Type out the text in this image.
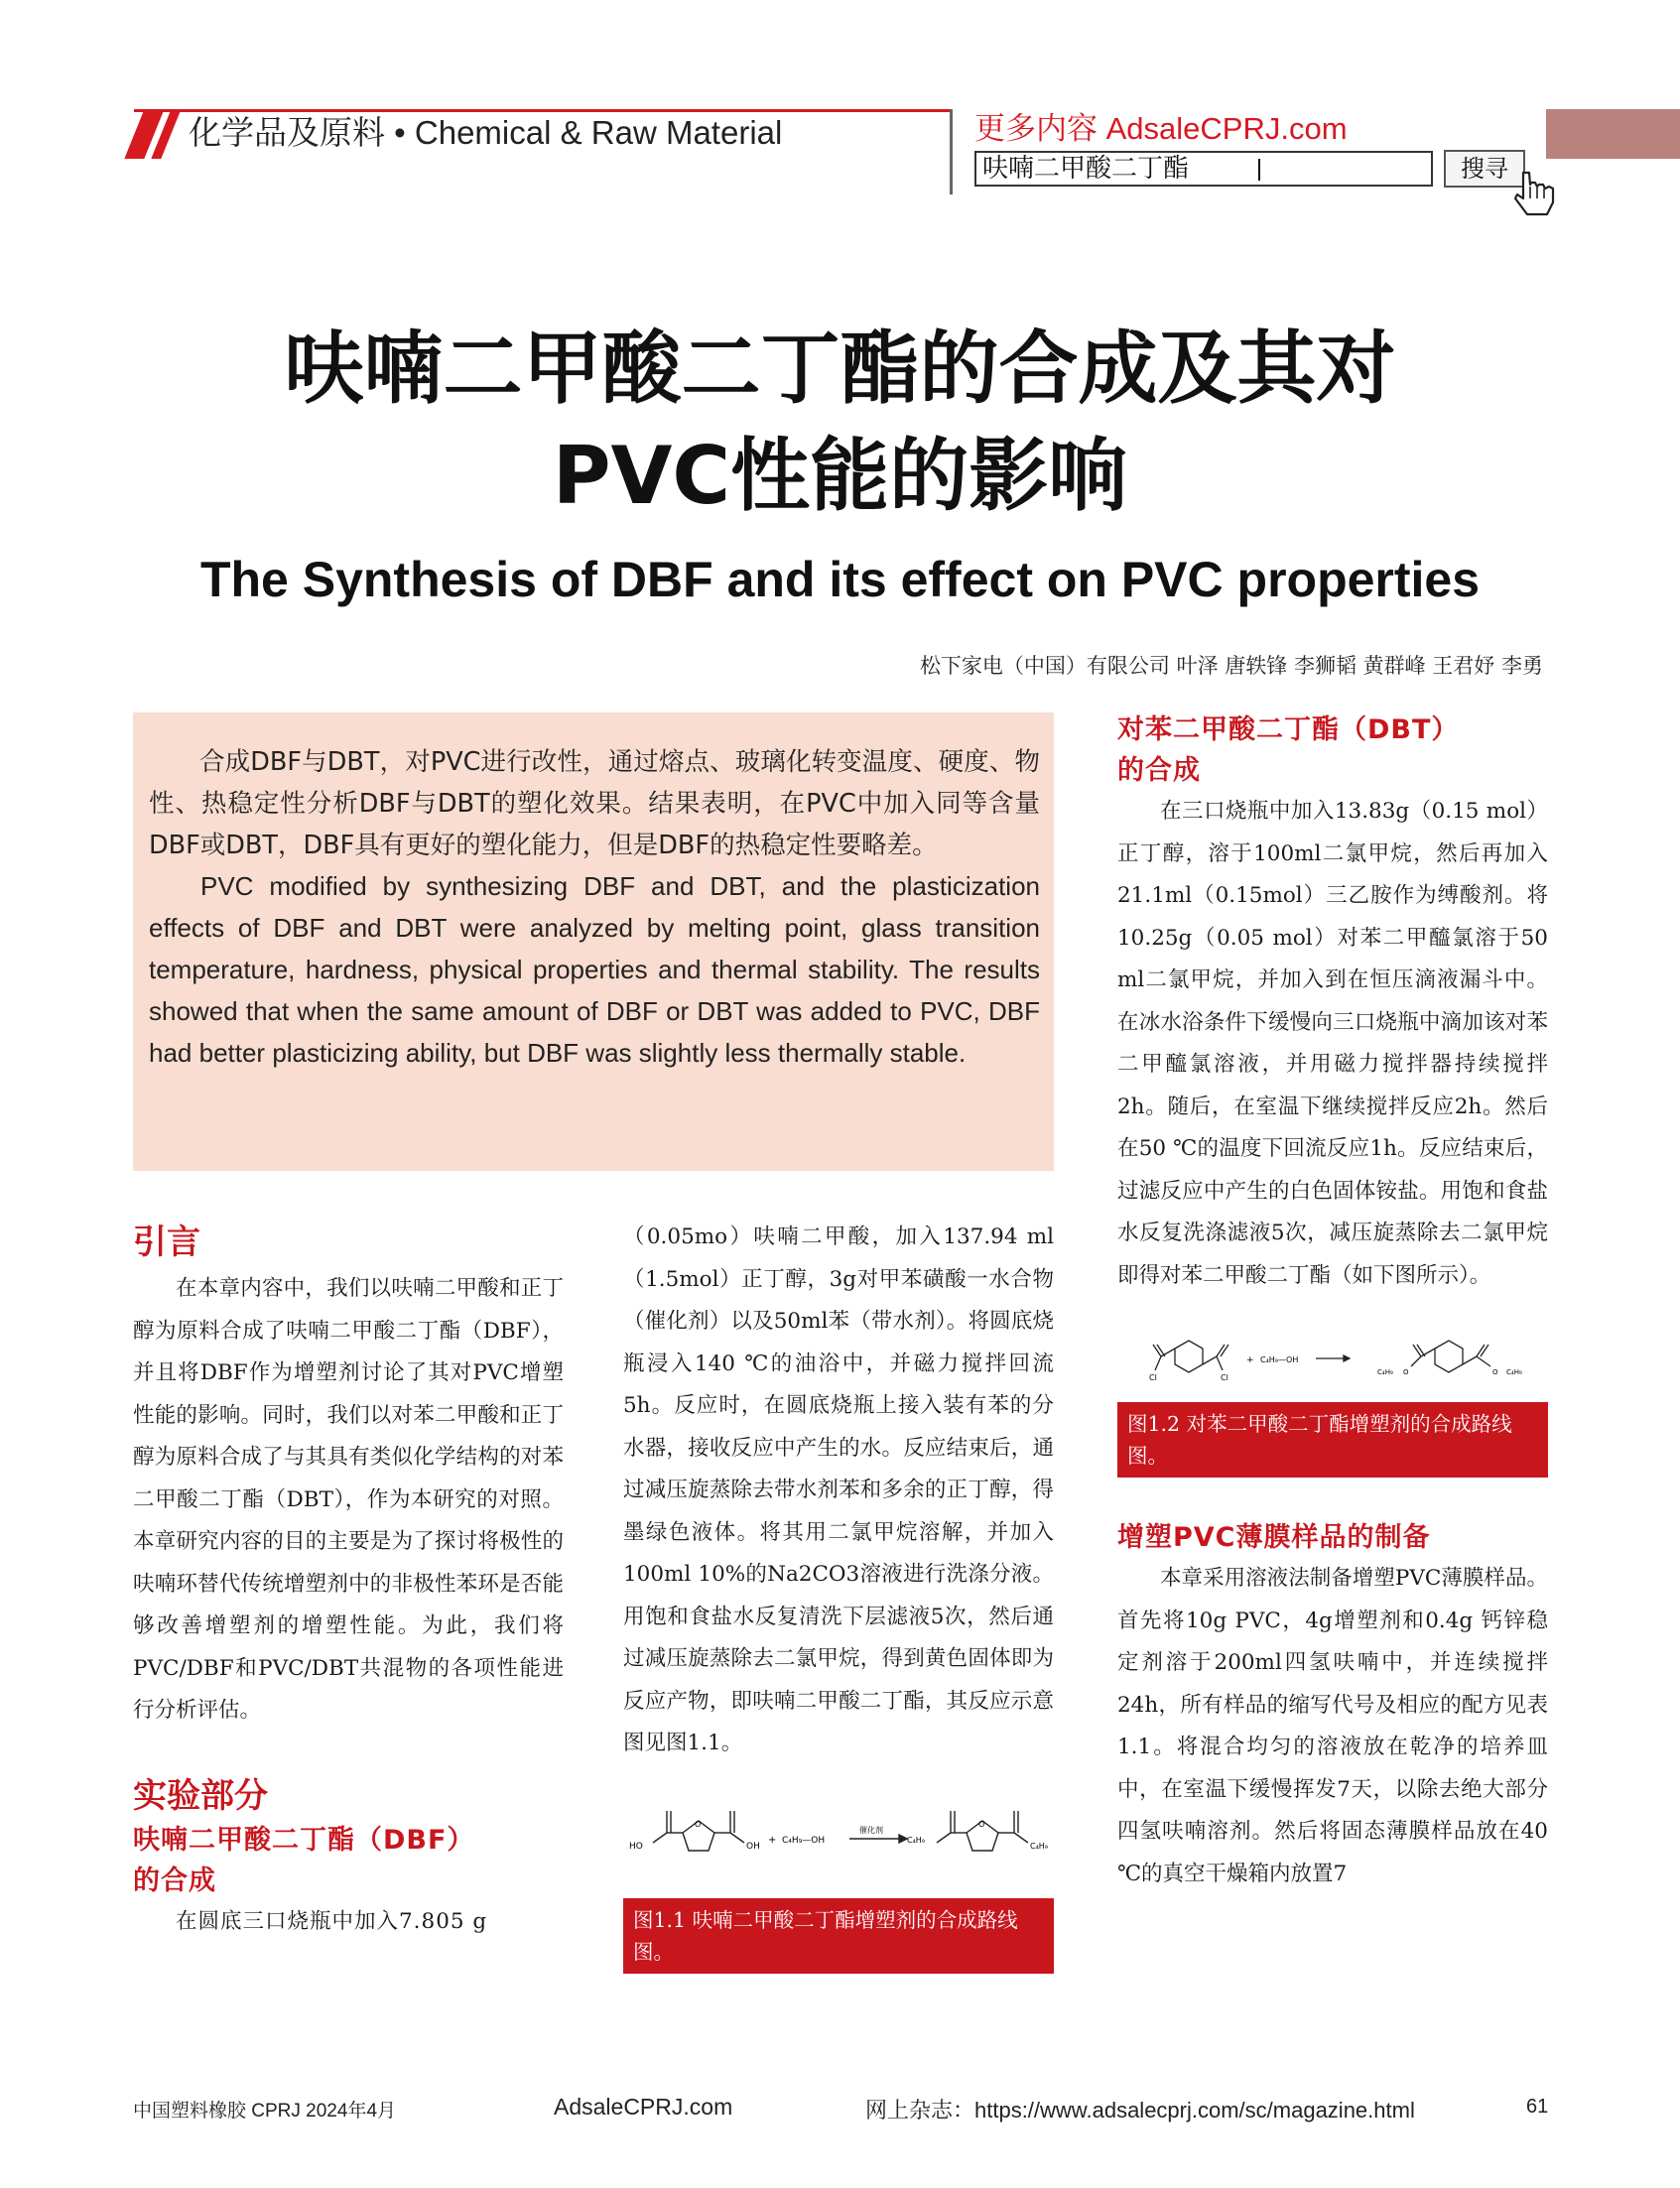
化学品及原料 • Chemical & Raw Material	更多内容 AdsaleCPRJ.com
呋喃二甲酸二丁酯	搜寻
呋喃二甲酸二丁酯的合成及其对
PVC性能的影响
The Synthesis of DBF and its effect on PVC properties
松下家电（中国）有限公司 叶泽 唐轶锋 李狮韬 黄群峰 王君妤 李勇

合成DBF与DBT，对PVC进行改性，通过熔点、玻璃化转变温度、硬度、物性、热稳定性分析DBF与DBT的塑化效果。结果表明，在PVC中加入同等含量DBF或DBT，DBF具有更好的塑化能力，但是DBF的热稳定性要略差。

PVC modified by synthesizing DBF and DBT, and the plasticization effects of DBF and DBT were analyzed by melting point, glass transition temperature, hardness, physical properties and thermal stability. The results showed that when the same amount of DBF or DBT was added to PVC, DBF had better plasticizing ability, but DBF was slightly less thermally stable.

引言

在本章内容中，我们以呋喃二甲酸和正丁醇为原料合成了呋喃二甲酸二丁酯（DBF），并且将DBF作为增塑剂讨论了其对PVC增塑性能的影响。同时，我们以对苯二甲酸和正丁醇为原料合成了与其具有类似化学结构的对苯二甲酸二丁酯（DBT），作为本研究的对照。本章研究内容的目的主要是为了探讨将极性的呋喃环替代传统增塑剂中的非极性苯环是否能够改善增塑剂的增塑性能。为此，我们将PVC/DBF和PVC/DBT共混物的各项性能进行分析评估。

实验部分
呋喃二甲酸二丁酯（DBF）
的合成

在圆底三口烧瓶中加入7.805 g

（0.05mo）呋喃二甲酸，加入137.94 ml（1.5mol）正丁醇，3g对甲苯磺酸一水合物（催化剂）以及50ml苯（带水剂）。将圆底烧瓶浸入140 ℃的油浴中，并磁力搅拌回流5h。反应时，在圆底烧瓶上接入装有苯的分水器，接收反应中产生的水。反应结束后，通过减压旋蒸除去带水剂苯和多余的正丁醇，得墨绿色液体。将其用二氯甲烷溶解，并加入100ml 10%的Na2CO3溶液进行洗涤分液。用饱和食盐水反复清洗下层滤液5次，然后通过减压旋蒸除去二氯甲烷，得到黄色固体即为反应产物，即呋喃二甲酸二丁酯，其反应示意图见图1.1。

O
HO	OH
+ C₄H₉—OH
催化剂
C₄H₉
O
C₄H₉
图1.1 呋喃二甲酸二丁酯增塑剂的合成路线图。
对苯二甲酸二丁酯（DBT）
的合成

在三口烧瓶中加入13.83g（0.15 mol）正丁醇，溶于100ml二氯甲烷，然后再加入21.1ml（0.15mol）三乙胺作为缚酸剂。将10.25g（0.05 mol）对苯二甲醯氯溶于50 ml二氯甲烷，并加入到在恒压滴液漏斗中。在冰水浴条件下缓慢向三口烧瓶中滴加该对苯二甲醯氯溶液，并用磁力搅拌器持续搅拌2h。随后，在室温下继续搅拌反应2h。然后在50 ℃的温度下回流反应1h。反应结束后，过滤反应中产生的白色固体铵盐。用饱和食盐水反复洗涤滤液5次，减压旋蒸除去二氯甲烷即得对苯二甲酸二丁酯（如下图所示）。

Cl	Cl
+ C₄H₉—OH
C₄H₉ O	O C₄H₉
图1.2 对苯二甲酸二丁酯增塑剂的合成路线图。
增塑PVC薄膜样品的制备

本章采用溶液法制备增塑PVC薄膜样品。首先将10g PVC，4g增塑剂和0.4g 钙锌稳定剂溶于200ml四氢呋喃中，并连续搅拌24h，所有样品的缩写代号及相应的配方见表1.1。将混合均匀的溶液放在乾净的培养皿中，在室温下缓慢挥发7天，以除去绝大部分四氢呋喃溶剂。然后将固态薄膜样品放在40 ℃的真空干燥箱内放置7

中国塑料橡胶 CPRJ 2024年4月	AdsaleCPRJ.com	网上杂志：https://www.adsalecprj.com/sc/magazine.html	61
